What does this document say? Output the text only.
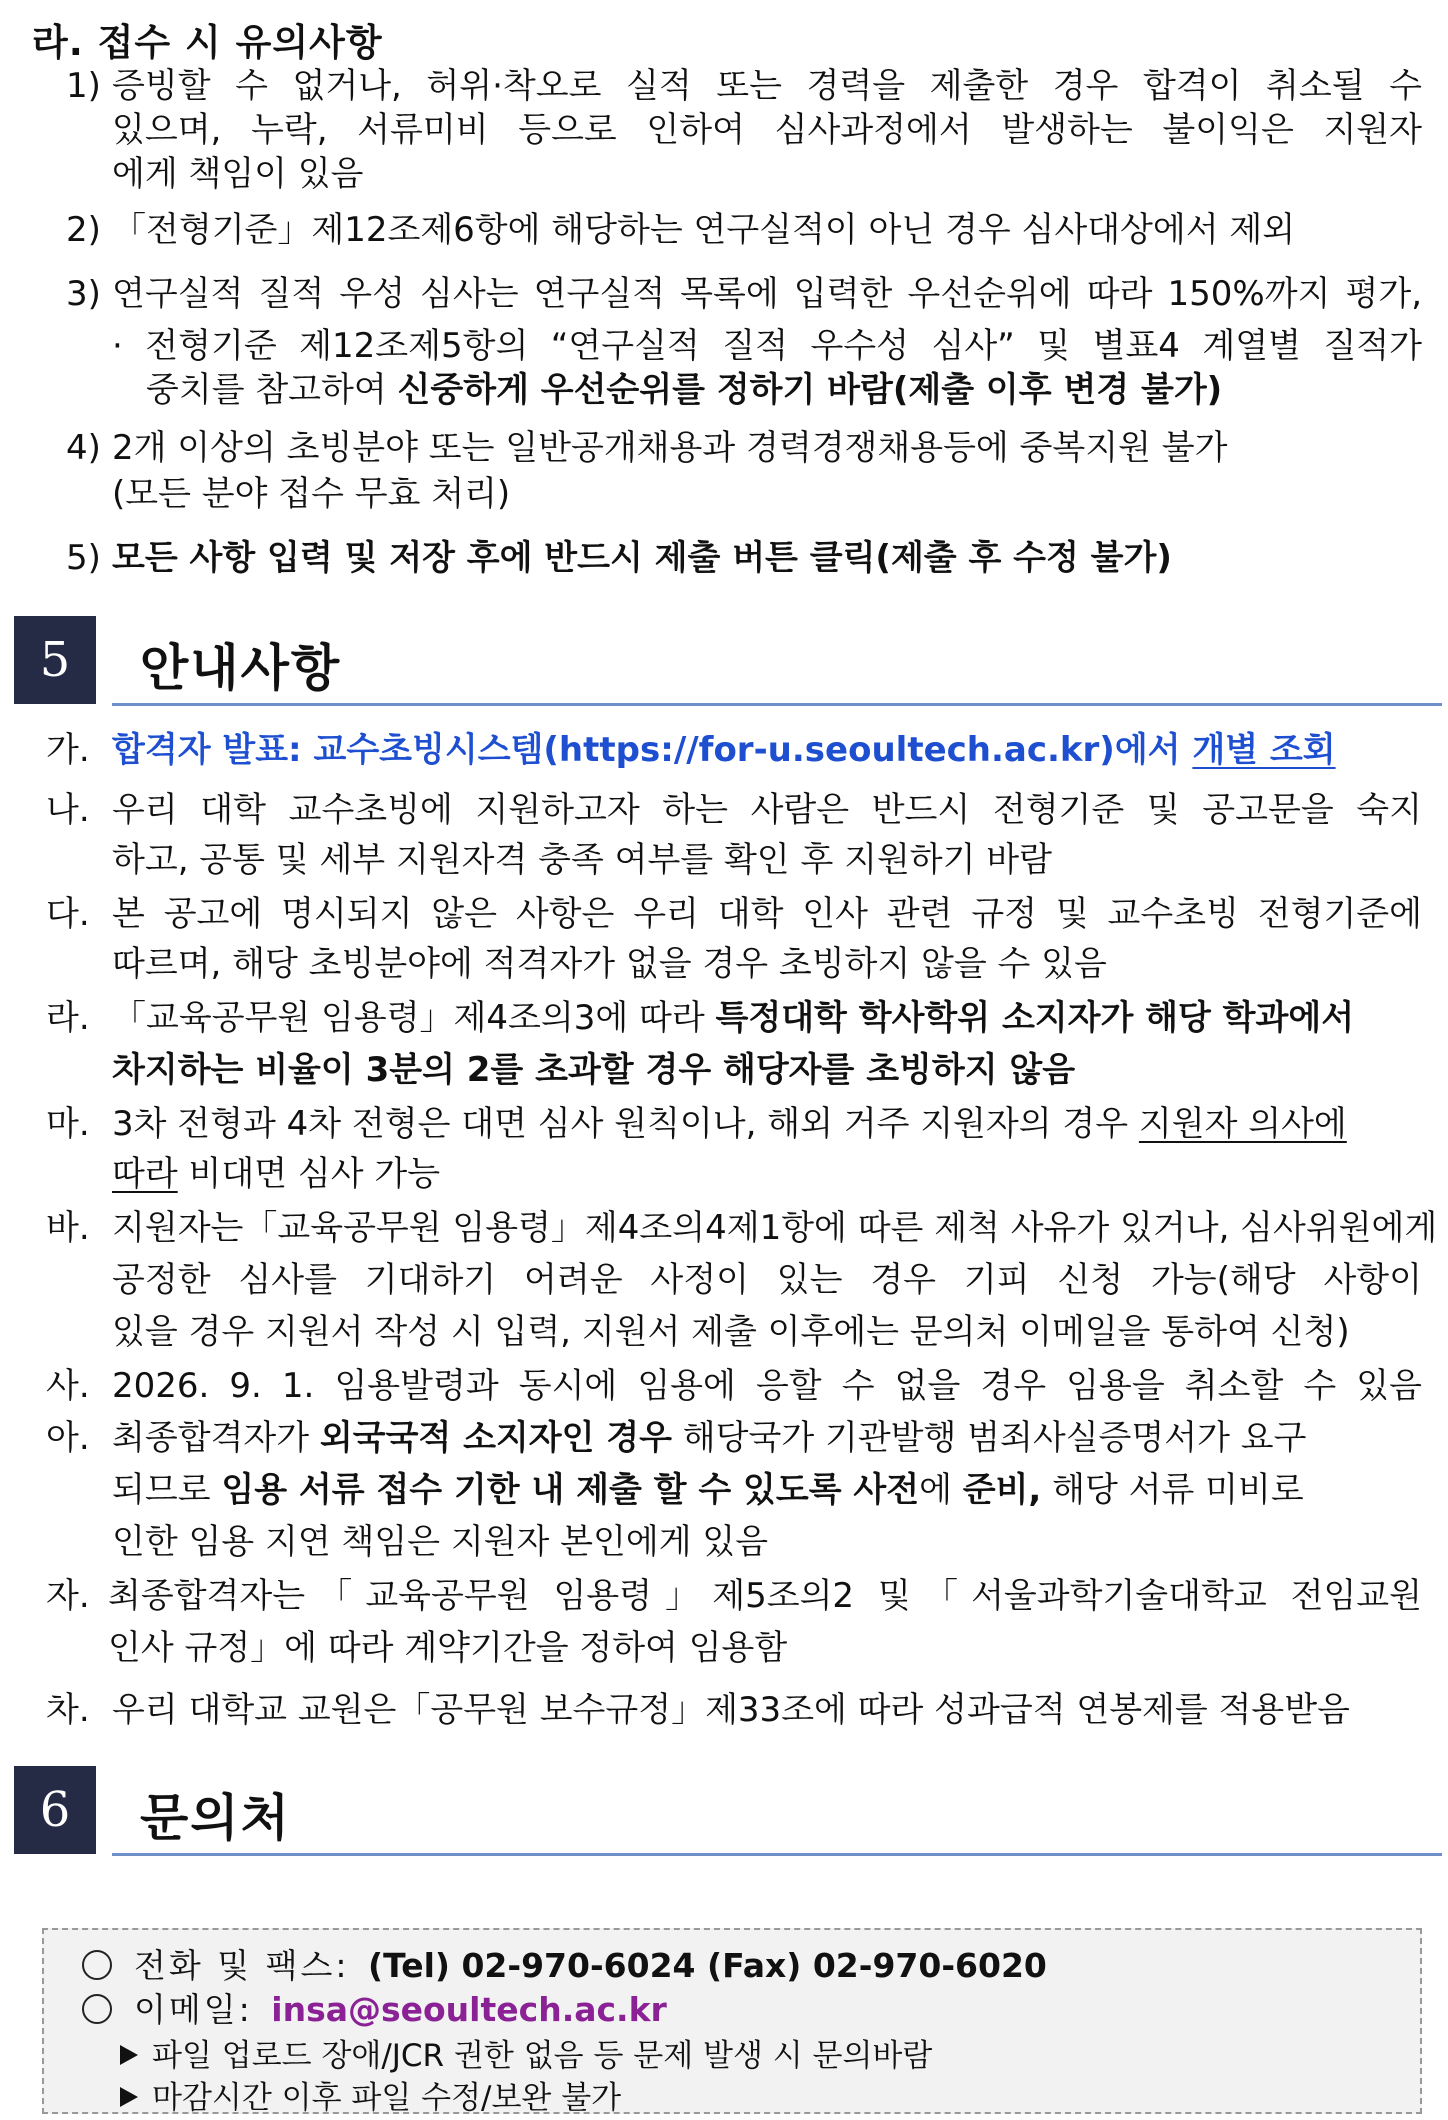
라. 접수 시 유의사항
1) 증빙할 수 없거나, 허위·착오로 실적 또는 경력을 제출한 경우 합격이 취소될 수
있으며, 누락, 서류미비 등으로 인하여 심사과정에서 발생하는 불이익은 지원자
에게 책임이 있음
2) 「전형기준」제12조제6항에 해당하는 연구실적이 아닌 경우 심사대상에서 제외
3) 연구실적 질적 우성 심사는 연구실적 목록에 입력한 우선순위에 따라 150%까지 평가,
· 전형기준 제12조제5항의 “연구실적 질적 우수성 심사” 및 별표4 계열별 질적가
중치를 참고하여 신중하게 우선순위를 정하기 바람(제출 이후 변경 불가)
4) 2개 이상의 초빙분야 또는 일반공개채용과 경력경쟁채용등에 중복지원 불가
(모든 분야 접수 무효 처리)
5) 모든 사항 입력 및 저장 후에 반드시 제출 버튼 클릭(제출 후 수정 불가)
5	안내사항
가. 합격자 발표: 교수초빙시스템(https://for-u.seoultech.ac.kr)에서 개별 조회
나. 우리 대학 교수초빙에 지원하고자 하는 사람은 반드시 전형기준 및 공고문을 숙지
하고, 공통 및 세부 지원자격 충족 여부를 확인 후 지원하기 바람
다. 본 공고에 명시되지 않은 사항은 우리 대학 인사 관련 규정 및 교수초빙 전형기준에
따르며, 해당 초빙분야에 적격자가 없을 경우 초빙하지 않을 수 있음
라. 「교육공무원 임용령」제4조의3에 따라 특정대학 학사학위 소지자가 해당 학과에서
차지하는 비율이 3분의 2를 초과할 경우 해당자를 초빙하지 않음
마. 3차 전형과 4차 전형은 대면 심사 원칙이나, 해외 거주 지원자의 경우 지원자 의사에
따라 비대면 심사 가능
바. 지원자는「교육공무원 임용령」제4조의4제1항에 따른 제척 사유가 있거나, 심사위원에게
공정한 심사를 기대하기 어려운 사정이 있는 경우 기피 신청 가능(해당 사항이
있을 경우 지원서 작성 시 입력, 지원서 제출 이후에는 문의처 이메일을 통하여 신청)
사. 2026. 9. 1. 임용발령과 동시에 임용에 응할 수 없을 경우 임용을 취소할 수 있음
아. 최종합격자가 외국국적 소지자인 경우 해당국가 기관발행 범죄사실증명서가 요구
되므로 임용 서류 접수 기한 내 제출 할 수 있도록 사전에 준비, 해당 서류 미비로
인한 임용 지연 책임은 지원자 본인에게 있음
자. 최종합격자는「교육공무원 임용령」제5조의2 및「서울과학기술대학교 전임교원
인사 규정」에 따라 계약기간을 정하여 임용함
차. 우리 대학교 교원은「공무원 보수규정」제33조에 따라 성과급적 연봉제를 적용받음
6	문의처
전화 및 팩스: (Tel) 02-970-6024 (Fax) 02-970-6020
이메일: insa@seoultech.ac.kr
파일 업로드 장애/JCR 권한 없음 등 문제 발생 시 문의바람
마감시간 이후 파일 수정/보완 불가
